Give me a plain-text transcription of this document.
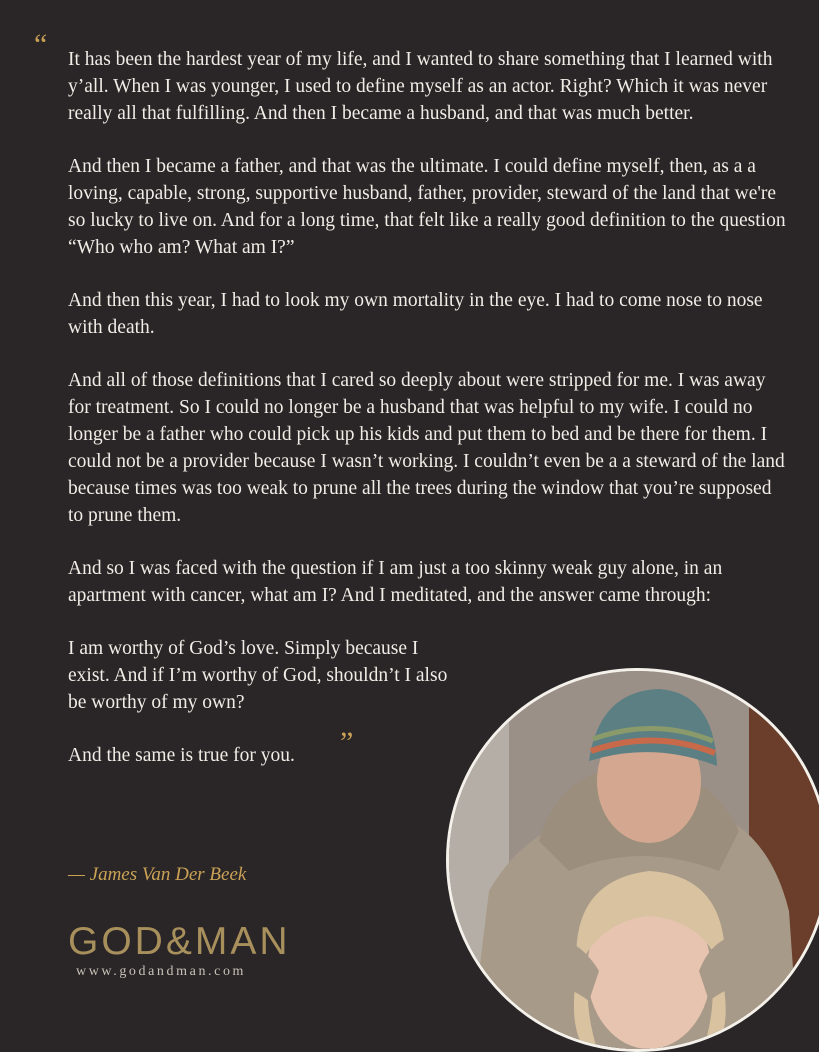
“ It has been the hardest year of my life, and I wanted to share something that I learned with y’all. When I was younger, I used to define myself as an actor. Right? Which it was never really all that fulfilling. And then I became a husband, and that was much better.

And then I became a father, and that was the ultimate. I could define myself, then, as a a loving, capable, strong, supportive husband, father, provider, steward of the land that we're so lucky to live on. And for a long time, that felt like a really good definition to the question “Who who am? What am I?”

And then this year, I had to look my own mortality in the eye. I had to come nose to nose with death.

And all of those definitions that I cared so deeply about were stripped for me. I was away for treatment. So I could no longer be a husband that was helpful to my wife. I could no longer be a father who could pick up his kids and put them to bed and be there for them. I could not be a provider because I wasn’t working. I couldn’t even be a a steward of the land because times was too weak to prune all the trees during the window that you’re supposed to prune them.

And so I was faced with the question if I am just a too skinny weak guy alone, in an apartment with cancer, what am I? And I meditated, and the answer came through:

I am worthy of God’s love. Simply because I exist. And if I’m worthy of God, shouldn’t I also be worthy of my own?

And the same is true for you. ”

— James Van Der Beek
GOD&MAN
www.godandman.com
